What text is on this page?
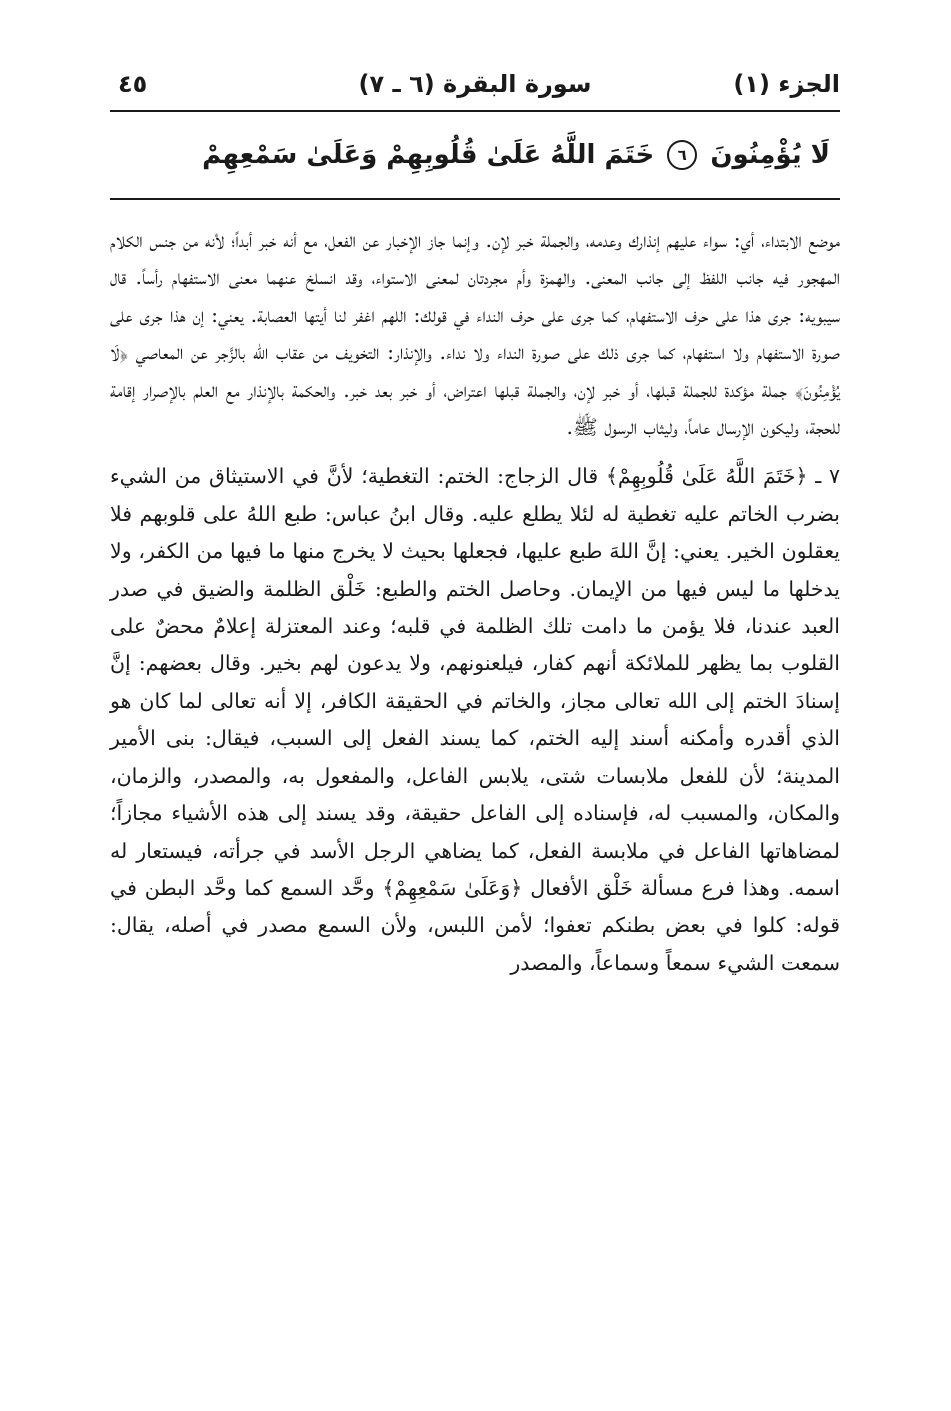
الجزء (١)
سورة البقرة (٦ ـ ٧)
٤٥
لَا يُؤْمِنُونَ ٦ خَتَمَ اللَّهُ عَلَىٰ قُلُوبِهِمْ وَعَلَىٰ سَمْعِهِمْ

موضع الابتداء، أي: سواء عليهم إنذارك وعدمه، والجملة خبر لإن. وإنما جاز الإخبار عن الفعل، مع أنه خبر أبداً؛ لأنه من جنس الكلام المهجور فيه جانب اللفظ إلى جانب المعنى. والهمزة وأم مجردتان لمعنى الاستواء، وقد انسلخ عنهما معنى الاستفهام رأساً. قال سيبويه: جرى هذا على حرف الاستفهام، كما جرى على حرف النداء في قولك: اللهم اغفر لنا أيتها العصابة. يعني: إن هذا جرى على صورة الاستفهام ولا استفهام، كما جرى ذلك على صورة النداء ولا نداء. والإنذار: التخويف من عقاب الله بالزَّجر عن المعاصي ﴿لَا يُؤْمِنُونَ﴾ جملة مؤكدة للجملة قبلها، أو خبر لإن، والجملة قبلها اعتراض، أو خبر بعد خبر. والحكمة بالإنذار مع العلم بالإصرار إقامة للحجة، وليكون الإرسال عاماً، وليثاب الرسول ﷺ.

٧ ـ ﴿خَتَمَ اللَّهُ عَلَىٰ قُلُوبِهِمْ﴾ قال الزجاج: الختم: التغطية؛ لأنَّ في الاستيثاق من الشيء بضرب الخاتم عليه تغطية له لئلا يطلع عليه. وقال ابنُ عباس: طبع اللهُ على قلوبهم فلا يعقلون الخير. يعني: إنَّ اللهَ طبع عليها، فجعلها بحيث لا يخرج منها ما فيها من الكفر، ولا يدخلها ما ليس فيها من الإيمان. وحاصل الختم والطبع: خَلْق الظلمة والضيق في صدر العبد عندنا، فلا يؤمن ما دامت تلك الظلمة في قلبه؛ وعند المعتزلة إعلامٌ محضٌ على القلوب بما يظهر للملائكة أنهم كفار، فيلعنونهم، ولا يدعون لهم بخير. وقال بعضهم: إنَّ إسنادَ الختم إلى الله تعالى مجاز، والخاتم في الحقيقة الكافر، إلا أنه تعالى لما كان هو الذي أقدره وأمكنه أسند إليه الختم، كما يسند الفعل إلى السبب، فيقال: بنى الأمير المدينة؛ لأن للفعل ملابسات شتى، يلابس الفاعل، والمفعول به، والمصدر، والزمان، والمكان، والمسبب له، فإسناده إلى الفاعل حقيقة، وقد يسند إلى هذه الأشياء مجازاً؛ لمضاهاتها الفاعل في ملابسة الفعل، كما يضاهي الرجل الأسد في جرأته، فيستعار له اسمه. وهذا فرع مسألة خَلْق الأفعال ﴿وَعَلَىٰ سَمْعِهِمْ﴾ وحَّد السمع كما وحَّد البطن في قوله: كلوا في بعض بطنكم تعفوا؛ لأمن اللبس، ولأن السمع مصدر في أصله، يقال: سمعت الشيء سمعاً وسماعاً، والمصدر
